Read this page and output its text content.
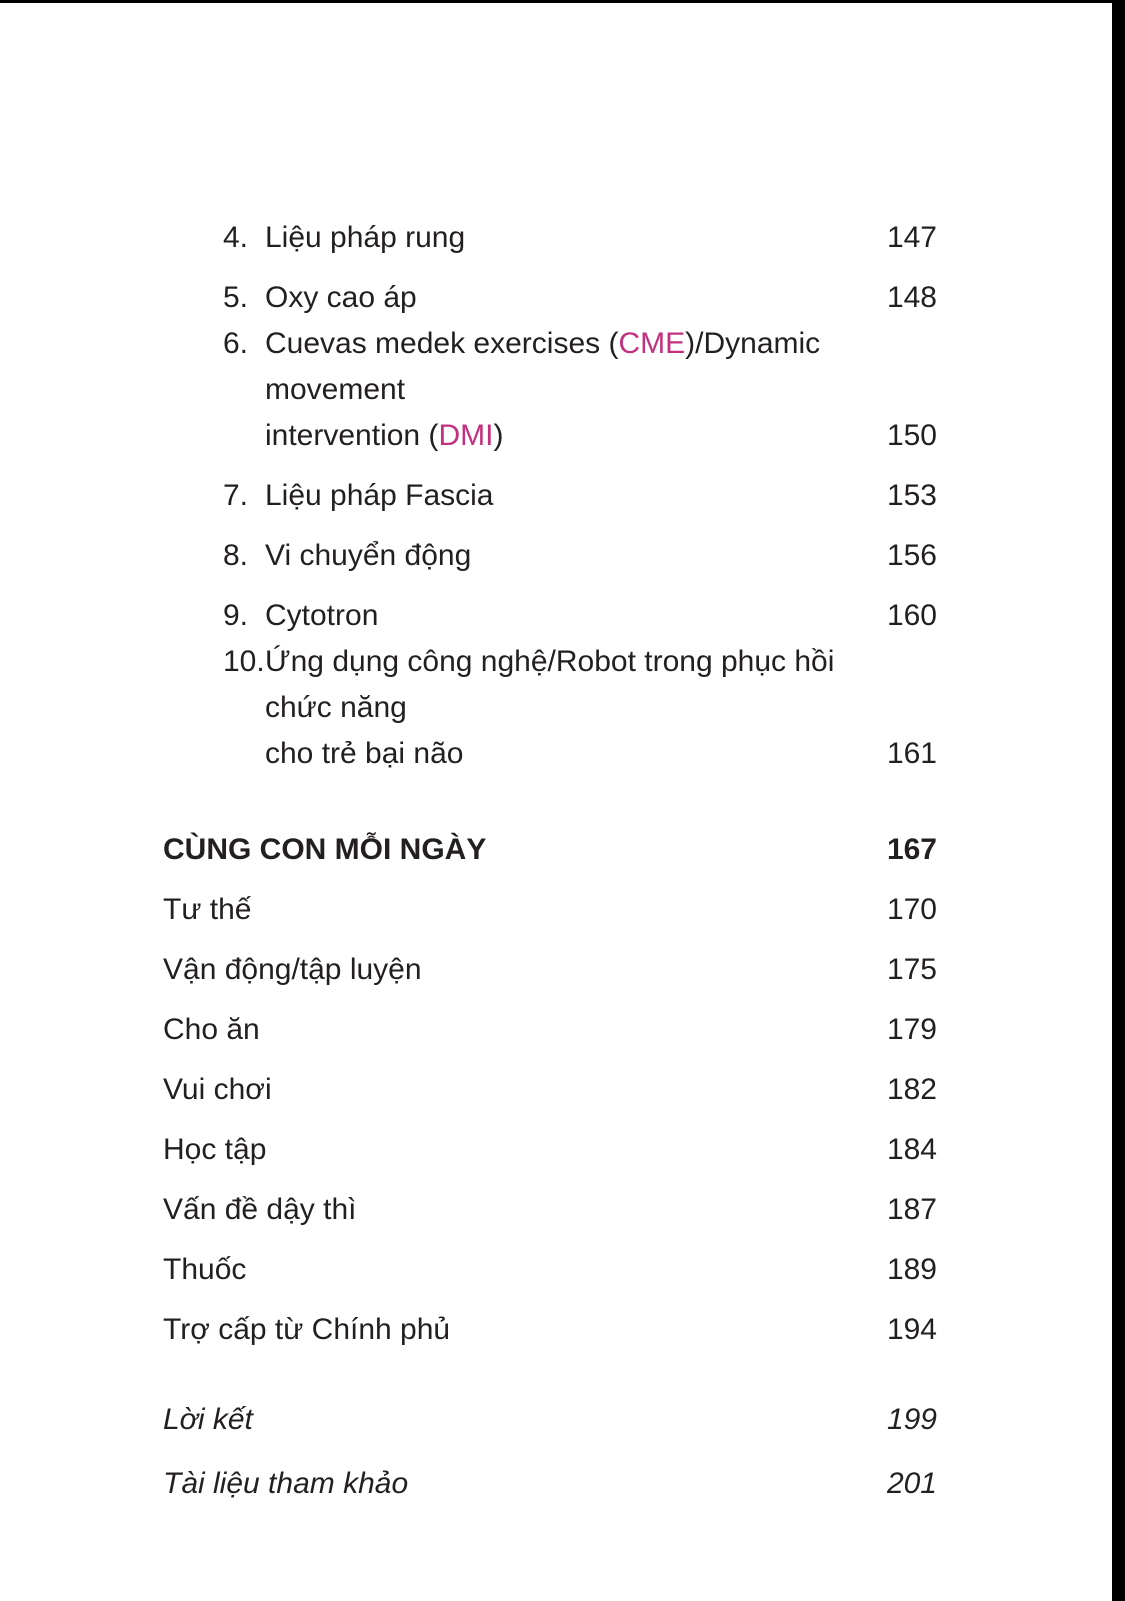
4. Liệu pháp rung	147
5. Oxy cao áp	148
6. Cuevas medek exercises (CME)/Dynamic movement
intervention (DMI)	150
7. Liệu pháp Fascia	153
8. Vi chuyển động	156
9. Cytotron	160
10. Ứng dụng công nghệ/Robot trong phục hồi chức năng
cho trẻ bại não	161
CÙNG CON MỖI NGÀY	167
Tư thế	170
Vận động/tập luyện	175
Cho ăn	179
Vui chơi	182
Học tập	184
Vấn đề dậy thì	187
Thuốc	189
Trợ cấp từ Chính phủ	194
Lời kết	199
Tài liệu tham khảo	201
